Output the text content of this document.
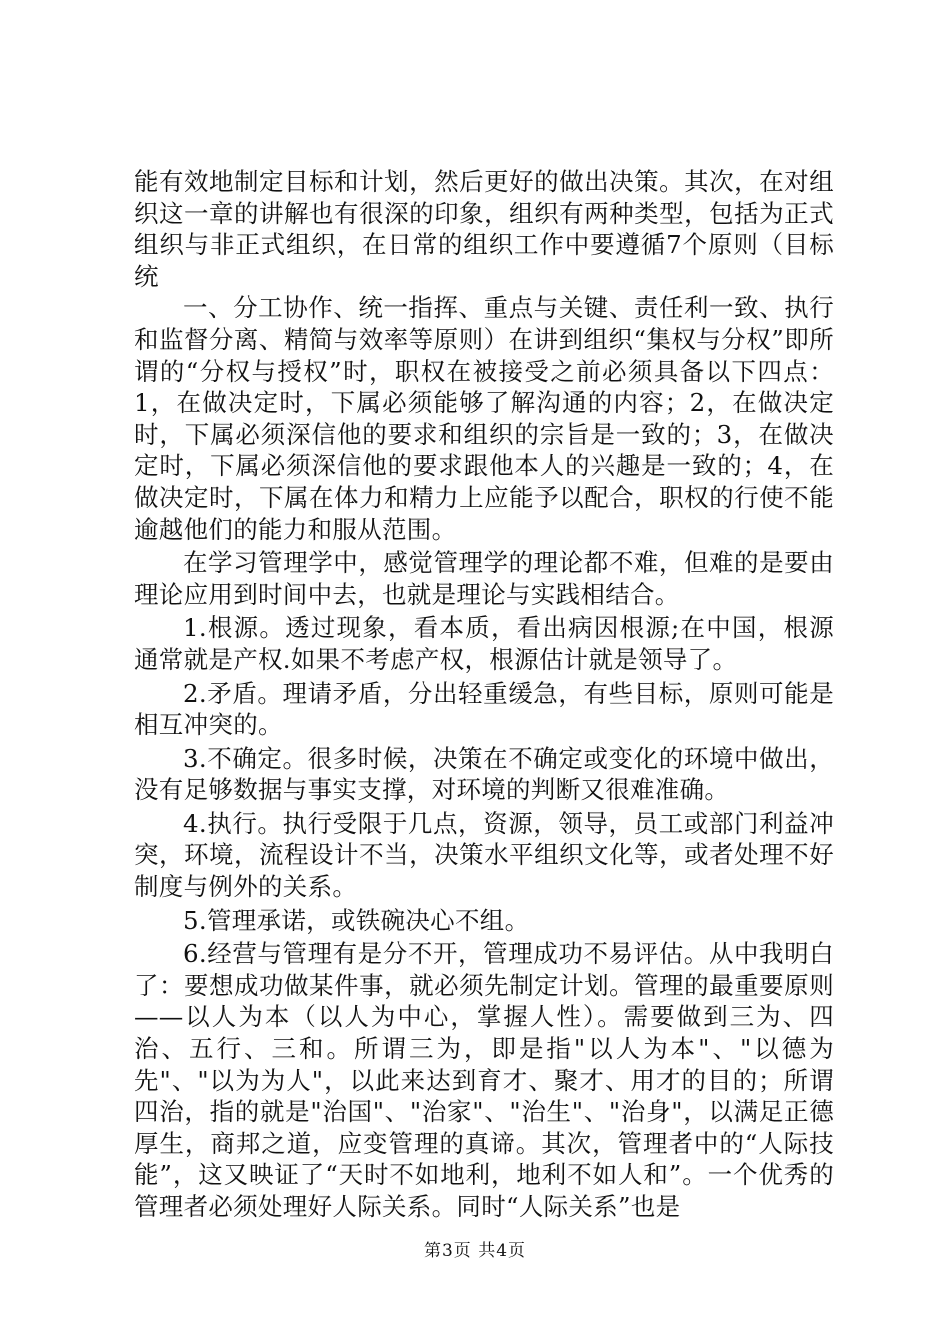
能有效地制定目标和计划，然后更好的做出决策。其次，在对组织这一章的讲解也有很深的印象，组织有两种类型，包括为正式组织与非正式组织，在日常的组织工作中要遵循7个原则（目标统

一、分工协作、统一指挥、重点与关键、责任利一致、执行和监督分离、精简与效率等原则）在讲到组织“集权与分权”即所谓的“分权与授权”时，职权在被接受之前必须具备以下四点：1，在做决定时，下属必须能够了解沟通的内容；2，在做决定时，下属必须深信他的要求和组织的宗旨是一致的；3，在做决定时，下属必须深信他的要求跟他本人的兴趣是一致的；4，在做决定时，下属在体力和精力上应能予以配合，职权的行使不能逾越他们的能力和服从范围。

在学习管理学中，感觉管理学的理论都不难，但难的是要由理论应用到时间中去，也就是理论与实践相结合。

1.根源。透过现象，看本质，看出病因根源;在中国，根源通常就是产权.如果不考虑产权，根源估计就是领导了。

2.矛盾。理请矛盾，分出轻重缓急，有些目标，原则可能是相互冲突的。

3.不确定。很多时候，决策在不确定或变化的环境中做出，没有足够数据与事实支撑，对环境的判断又很难准确。

4.执行。执行受限于几点，资源，领导，员工或部门利益冲突，环境，流程设计不当，决策水平组织文化等，或者处理不好制度与例外的关系。

5.管理承诺，或铁碗决心不组。

6.经营与管理有是分不开，管理成功不易评估。从中我明白了：要想成功做某件事，就必须先制定计划。管理的最重要原则——以人为本（以人为中心，掌握人性）。需要做到三为、四治、五行、三和。所谓三为，即是指"以人为本"、"以德为先"、"以为为人"，以此来达到育才、聚才、用才的目的；所谓四治，指的就是"治国"、"治家"、"治生"、"治身"，以满足正德厚生，商邦之道，应变管理的真谛。其次，管理者中的“人际技能”，这又映证了“天时不如地利，地利不如人和”。一个优秀的管理者必须处理好人际关系。同时“人际关系”也是

第3页 共4页
